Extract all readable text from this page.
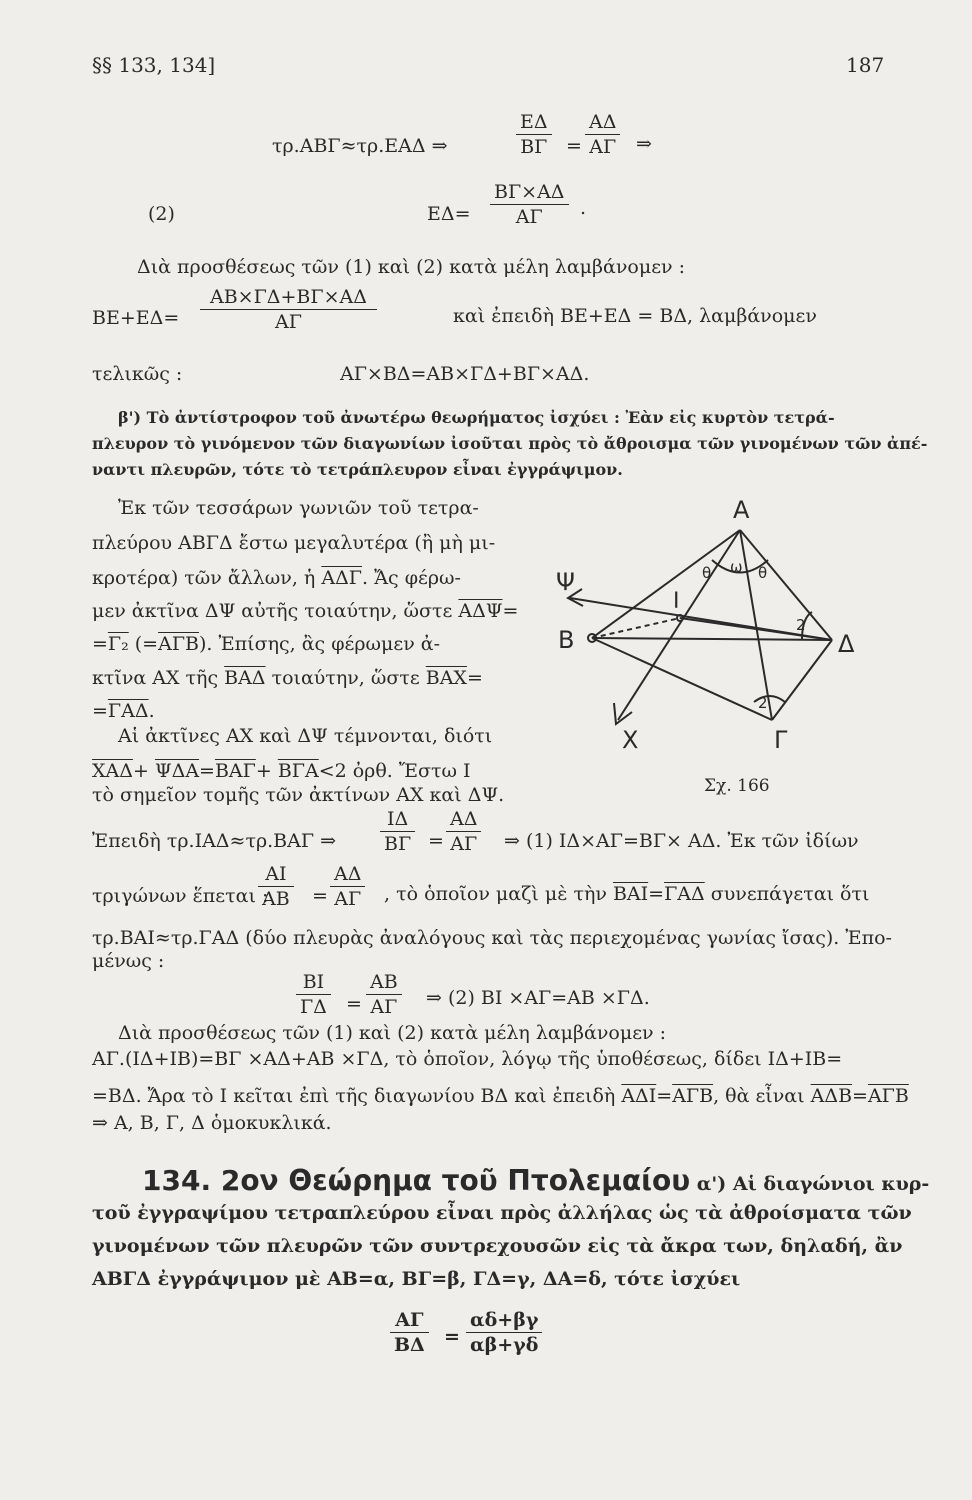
§§ 133, 134]	187
τρ.ΑΒΓ≈τρ.ΕΑΔ ⇒	$\frac{E\Delta}{B\Gamma} = \frac{A\Delta}{A\Gamma}$ ⇒
(2)	$E\Delta= \frac{B\Gamma\times A\Delta}{A\Gamma}$ .
Διὰ προσθέσεως τῶν (1) καὶ (2) κατὰ μέλη λαμβάνομεν :
$BE+E\Delta= \frac{AB\times\Gamma\Delta+B\Gamma\times A\Delta}{A\Gamma}$	καὶ ἐπειδὴ ΒΕ+ΕΔ = ΒΔ, λαμβάνομεν
τελικῶς :	ΑΓ×ΒΔ=ΑΒ×ΓΔ+ΒΓ×ΑΔ.
β') Τὸ ἀντίστροφον τοῦ ἀνωτέρω θεωρήματος ἰσχύει : Ἐὰν εἰς κυρτὸν τετρά-
πλευρον τὸ γινόμενον τῶν διαγωνίων ἰσοῦται πρὸς τὸ ἄθροισμα τῶν γινομένων τῶν ἀπέ-
ναντι πλευρῶν, τότε τὸ τετράπλευρον εἶναι ἐγγράψιμον.
Ἐκ τῶν τεσσάρων γωνιῶν τοῦ τετρα-
πλεύρου ΑΒΓΔ ἔστω μεγαλυτέρα (ἢ μὴ μι-
κροτέρα) τῶν ἄλλων, ἡ $\overline{A\Delta\Gamma}$. Ἄς φέρω-
μεν ἀκτῖνα ΔΨ αὐτῆς τοιαύτην, ὥστε $\overline{A\Delta\Psi}=$
=Γ₂ $(=\overline{A\Gamma B})$. Ἐπίσης, ἂς φέρωμεν ἀ-
κτῖνα ΑΧ τῆς $\overline{BA\Delta}$ τοιαύτην, ὥστε $\overline{BAX}=$
$=\overline{\Gamma A\Delta}$.
Αἱ ἀκτῖνες ΑΧ καὶ ΔΨ τέμνονται, διότι
$\overline{XA\Delta}+ \overline{\Psi\Delta A}=\overline{BA\Gamma}+ \overline{B\Gamma A}<2$ ὀρθ. Ἔστω Ι
τὸ σημεῖον τομῆς τῶν ἀκτίνων ΑΧ καὶ ΔΨ.
Α
Β
Γ
Δ
Ι
Χ
Ψ	θ	θ
ω
2
2
Σχ. 166
Ἐπειδὴ τρ.ΙΑΔ≈τρ.ΒΑΓ ⇒ $\frac{I\Delta}{B\Gamma} = \frac{A\Delta}{A\Gamma}$ ⇒ (1) ΙΔ×ΑΓ=ΒΓ× ΑΔ. Ἐκ τῶν ἰδίων
τριγώνων ἕπεται :
$\frac{AI}{AB} = \frac{A\Delta}{A\Gamma}$ , τὸ ὁποῖον μαζὶ μὲ τὴν $\overline{BAI}=\overline{\Gamma A\Delta}$ συνεπάγεται ὅτι
τρ.ΒΑΙ≈τρ.ΓΑΔ (δύο πλευρὰς ἀναλόγους καὶ τὰς περιεχομένας γωνίας ἴσας). Ἐπο-
μένως :
$\frac{BI}{\Gamma\Delta} = \frac{AB}{A\Gamma}$ ⇒ (2) ΒΙ ×ΑΓ=ΑΒ ×ΓΔ.
Διὰ προσθέσεως τῶν (1) καὶ (2) κατὰ μέλη λαμβάνομεν :
ΑΓ.(ΙΔ+ΙΒ)=ΒΓ ×ΑΔ+ΑΒ ×ΓΔ, τὸ ὁποῖον, λόγῳ τῆς ὑποθέσεως, δίδει ΙΔ+ΙΒ=
=ΒΔ. Ἄρα τὸ Ι κεῖται ἐπὶ τῆς διαγωνίου ΒΔ καὶ ἐπειδὴ $\overline{A\Delta I}=\overline{A\Gamma B}$, θὰ εἶναι $\overline{A\Delta B}=\overline{A\Gamma B}$
⇒ Α, Β, Γ, Δ ὁμοκυκλικά.
134. 2ον Θεώρημα τοῦ Πτολεμαίου α') Αἱ διαγώνιοι κυρ-
τοῦ ἐγγραψίμου τετραπλεύρου εἶναι πρὸς ἀλλήλας ὡς τὰ ἀθροίσματα τῶν
γινομένων τῶν πλευρῶν τῶν συντρεχουσῶν εἰς τὰ ἄκρα των, δηλαδή, ἂν
ΑΒΓΔ ἐγγράψιμον μὲ ΑΒ=α, ΒΓ=β, ΓΔ=γ, ΔΑ=δ, τότε ἰσχύει
$\frac{A\Gamma}{B\Delta} = \frac{\alpha\delta+\beta\gamma}{\alpha\beta+\gamma\delta}$
